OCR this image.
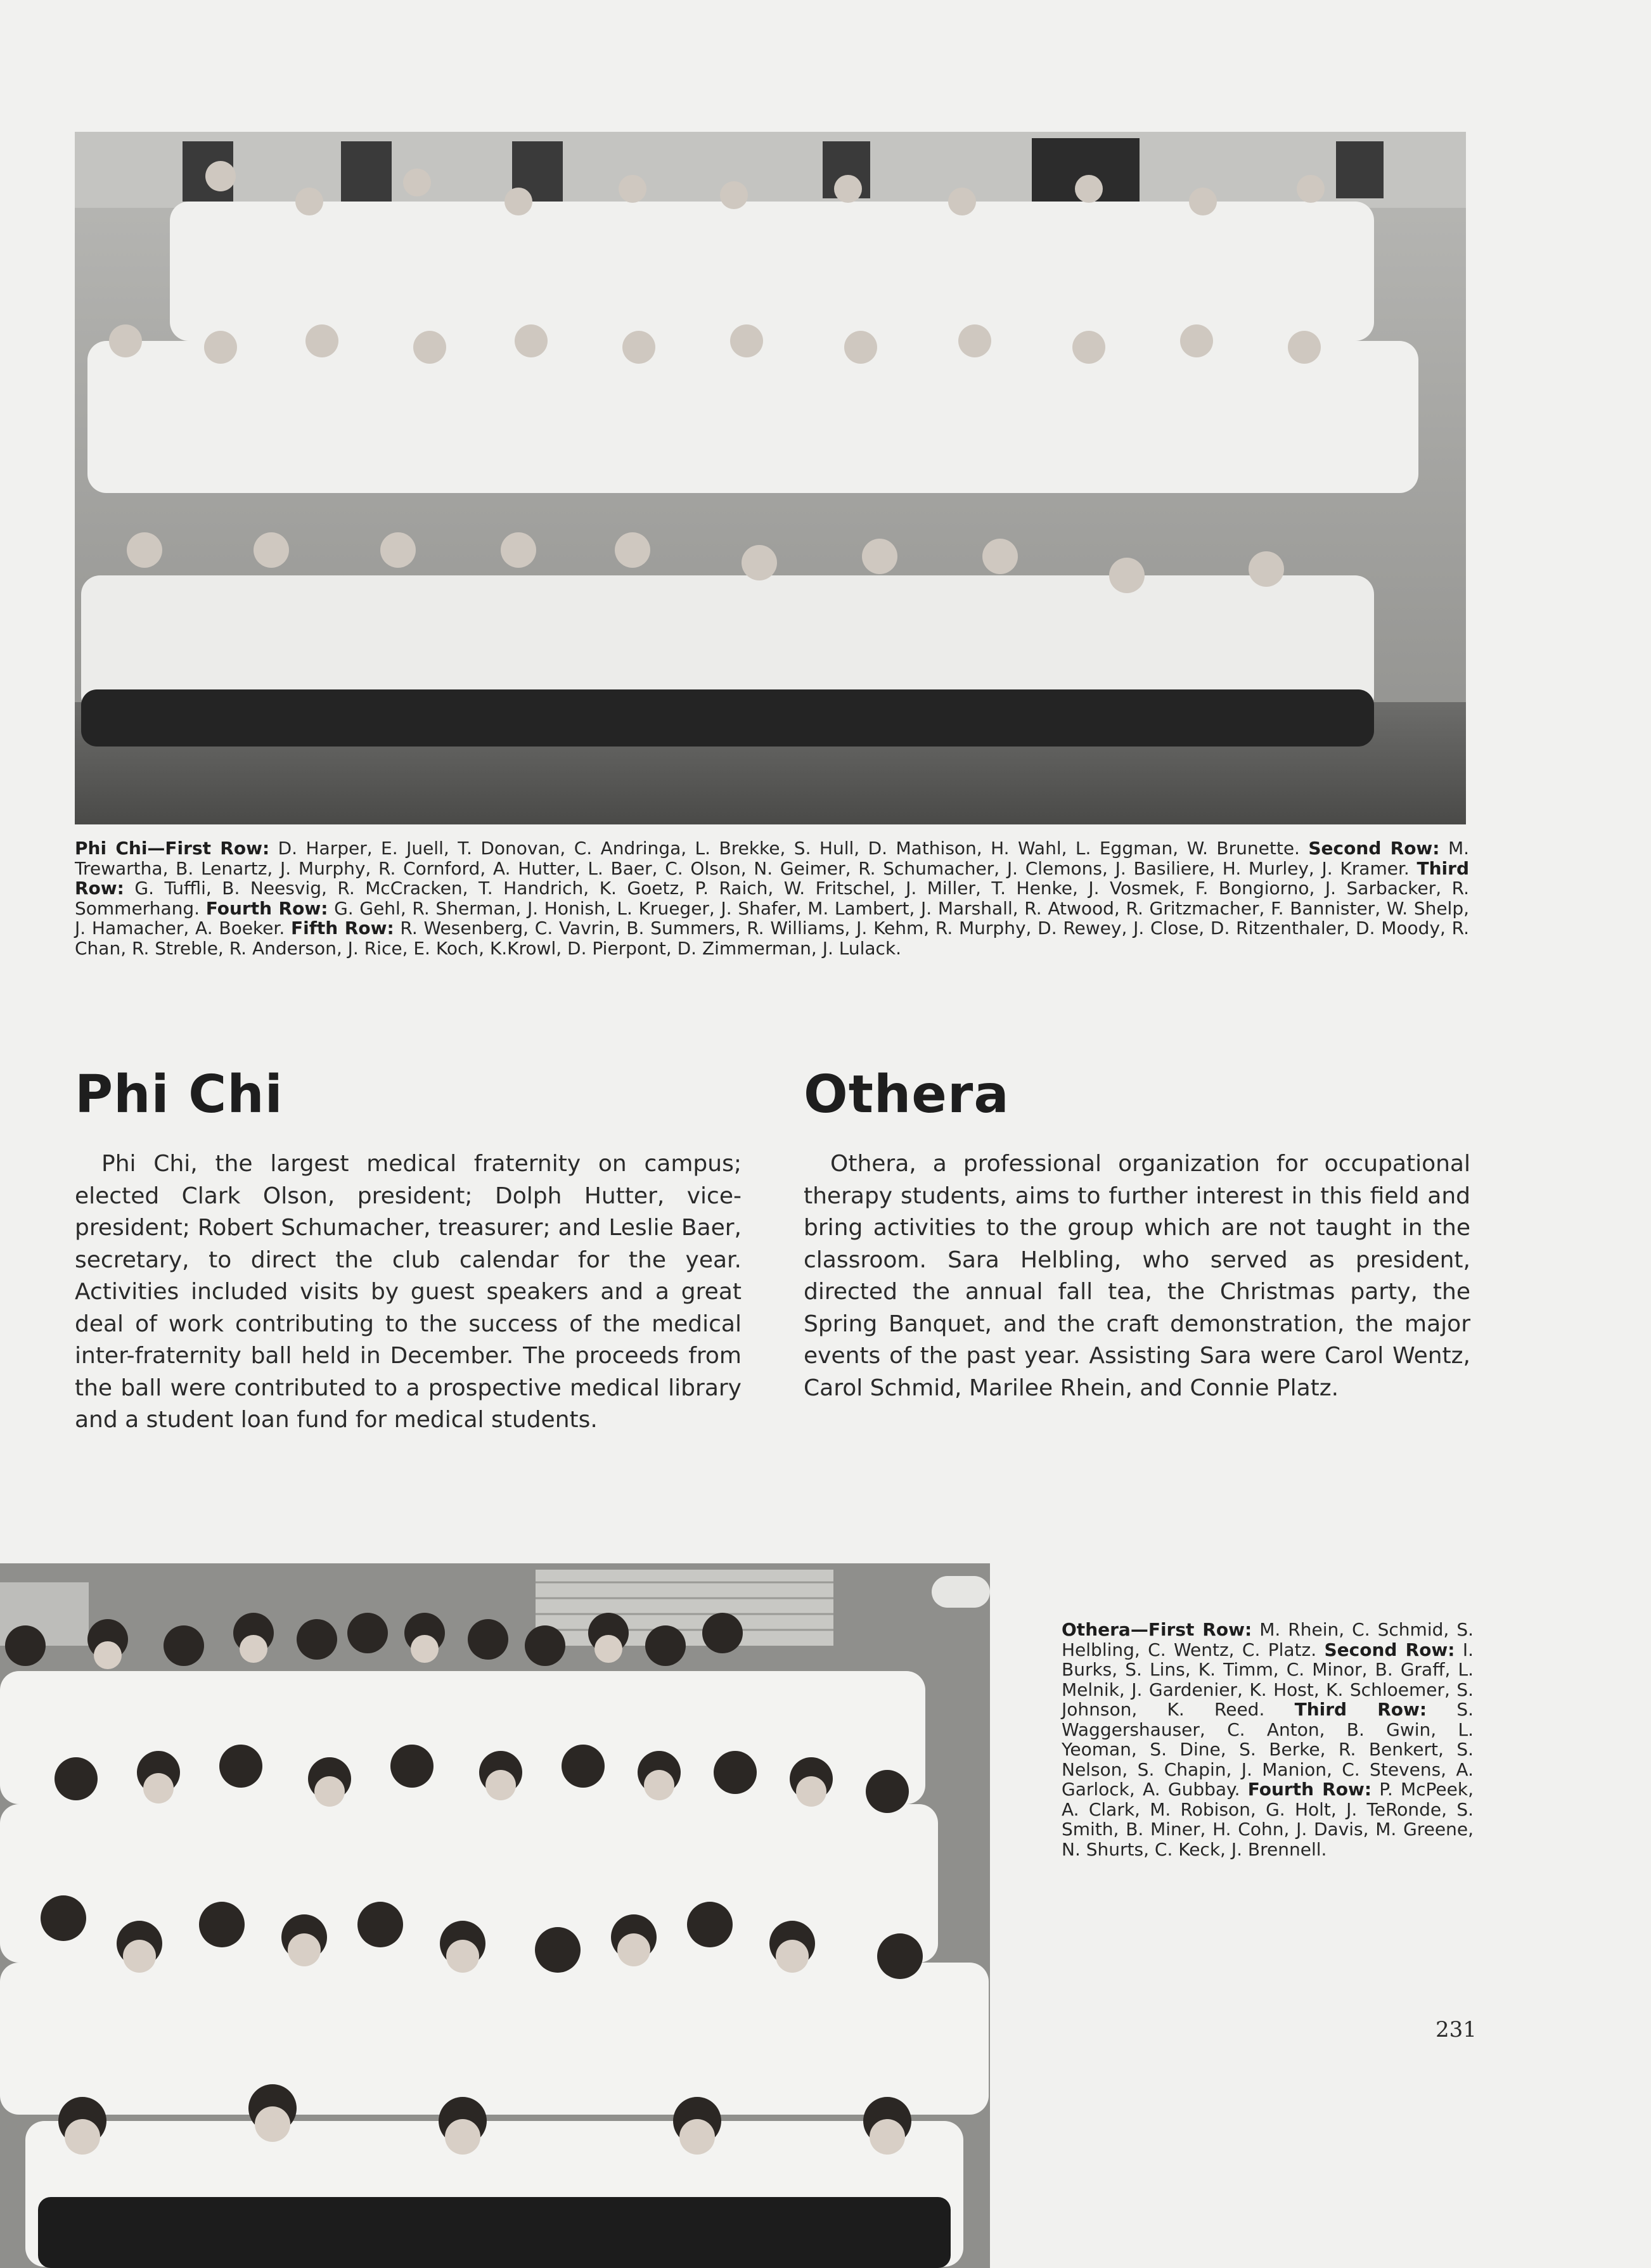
Phi Chi—First Row: D. Harper, E. Juell, T. Donovan, C. Andringa, L. Brekke, S. Hull, D. Mathison, H. Wahl, L. Eggman, W. Brunette. Second Row: M. Trewartha, B. Lenartz, J. Murphy, R. Cornford, A. Hutter, L. Baer, C. Olson, N. Geimer, R. Schumacher, J. Clemons, J. Basiliere, H. Murley, J. Kramer. Third Row: G. Tuffli, B. Neesvig, R. McCracken, T. Handrich, K. Goetz, P. Raich, W. Fritschel, J. Miller, T. Henke, J. Vosmek, F. Bongiorno, J. Sarbacker, R. Sommerhang. Fourth Row: G. Gehl, R. Sherman, J. Honish, L. Krueger, J. Shafer, M. Lambert, J. Marshall, R. Atwood, R. Gritzmacher, F. Bannister, W. Shelp, J. Hamacher, A. Boeker. Fifth Row: R. Wesenberg, C. Vavrin, B. Summers, R. Williams, J. Kehm, R. Murphy, D. Rewey, J. Close, D. Ritzenthaler, D. Moody, R. Chan, R. Streble, R. Anderson, J. Rice, E. Koch, K.Krowl, D. Pierpont, D. Zimmerman, J. Lulack.

Phi Chi

Phi Chi, the largest medical fraternity on campus; elected Clark Olson, president; Dolph Hutter, vice-president; Robert Schumacher, treasurer; and Leslie Baer, secretary, to direct the club calendar for the year. Activities included visits by guest speakers and a great deal of work contributing to the success of the medical inter-fraternity ball held in December. The proceeds from the ball were contributed to a prospective medical library and a student loan fund for medical students.

Othera

Othera, a professional organization for occupational therapy students, aims to further interest in this field and bring activities to the group which are not taught in the classroom. Sara Helbling, who served as president, directed the annual fall tea, the Christmas party, the Spring Banquet, and the craft demonstration, the major events of the past year. Assisting Sara were Carol Wentz, Carol Schmid, Marilee Rhein, and Connie Platz.

Othera—First Row: M. Rhein, C. Schmid, S. Helbling, C. Wentz, C. Platz. Second Row: I. Burks, S. Lins, K. Timm, C. Minor, B. Graff, L. Melnik, J. Gardenier, K. Host, K. Schloemer, S. Johnson, K. Reed. Third Row: S. Waggershauser, C. Anton, B. Gwin, L. Yeoman, S. Dine, S. Berke, R. Benkert, S. Nelson, S. Chapin, J. Manion, C. Stevens, A. Garlock, A. Gubbay. Fourth Row: P. McPeek, A. Clark, M. Robison, G. Holt, J. TeRonde, S. Smith, B. Miner, H. Cohn, J. Davis, M. Greene, N. Shurts, C. Keck, J. Brennell.

231
